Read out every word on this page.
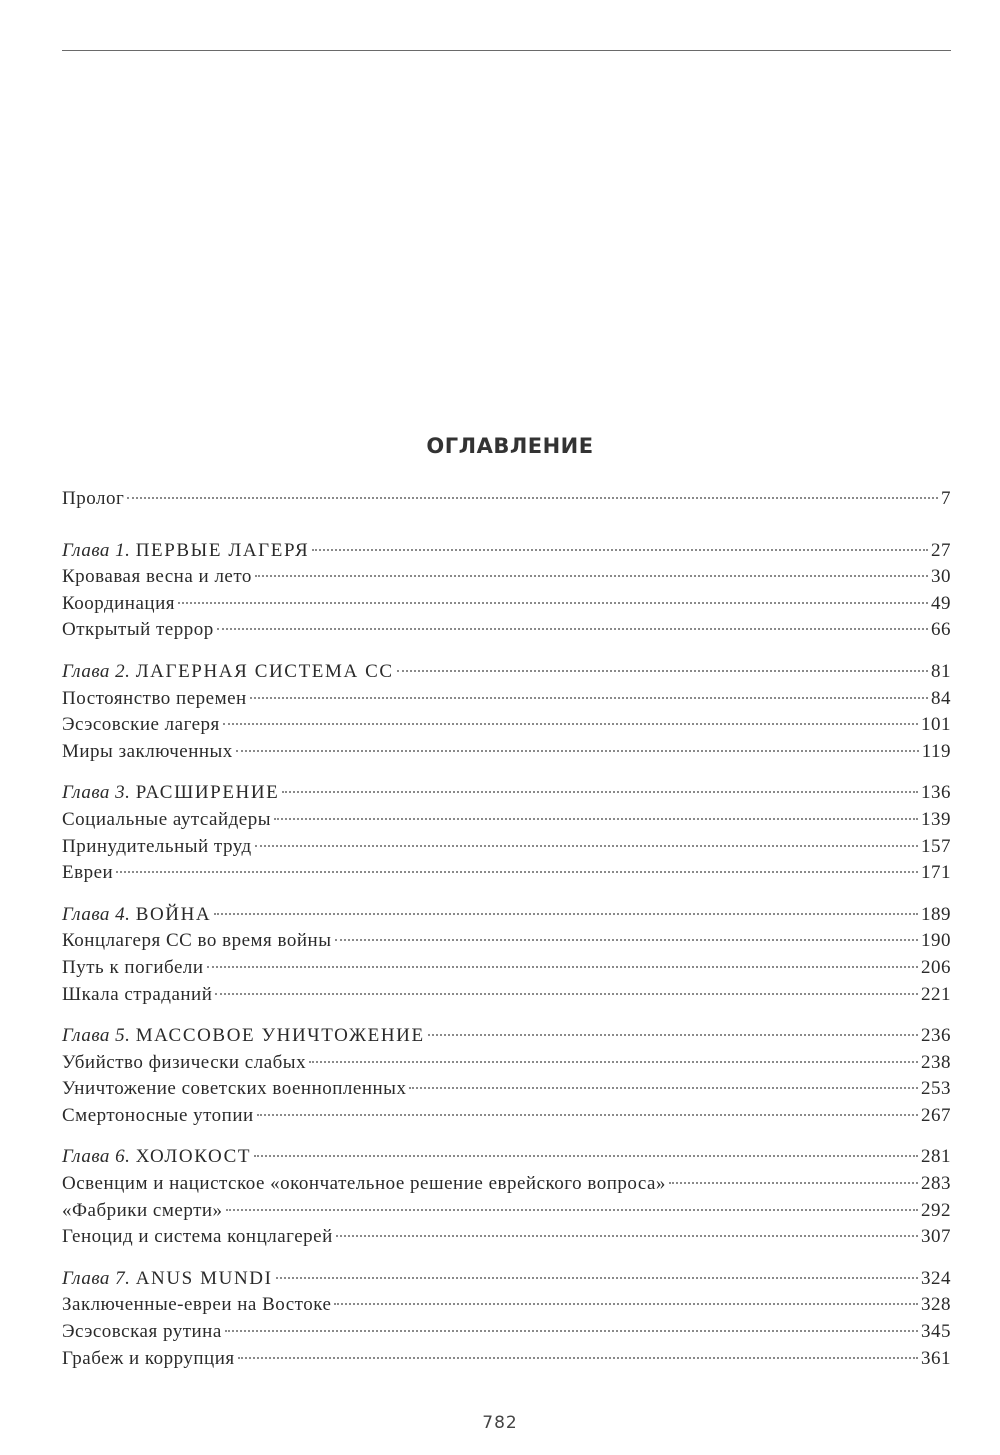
ОГЛАВЛЕНИЕ
Пролог	7
Глава 1. ПЕРВЫЕ ЛАГЕРЯ	27
Кровавая весна и лето	30
Координация	49
Открытый террор	66
Глава 2. ЛАГЕРНАЯ СИСТЕМА СС	81
Постоянство перемен	84
Эсэсовские лагеря	101
Миры заключенных	119
Глава 3. РАСШИРЕНИЕ	136
Социальные аутсайдеры	139
Принудительный труд	157
Евреи	171
Глава 4. ВОЙНА	189
Концлагеря СС во время войны	190
Путь к погибели	206
Шкала страданий	221
Глава 5. МАССОВОЕ УНИЧТОЖЕНИЕ	236
Убийство физически слабых	238
Уничтожение советских военнопленных	253
Смертоносные утопии	267
Глава 6. ХОЛОКОСТ	281
Освенцим и нацистское «окончательное решение еврейского вопроса»	283
«Фабрики смерти»	292
Геноцид и система концлагерей	307
Глава 7. ANUS MUNDI	324
Заключенные-евреи на Востоке	328
Эсэсовская рутина	345
Грабеж и коррупция	361
782
